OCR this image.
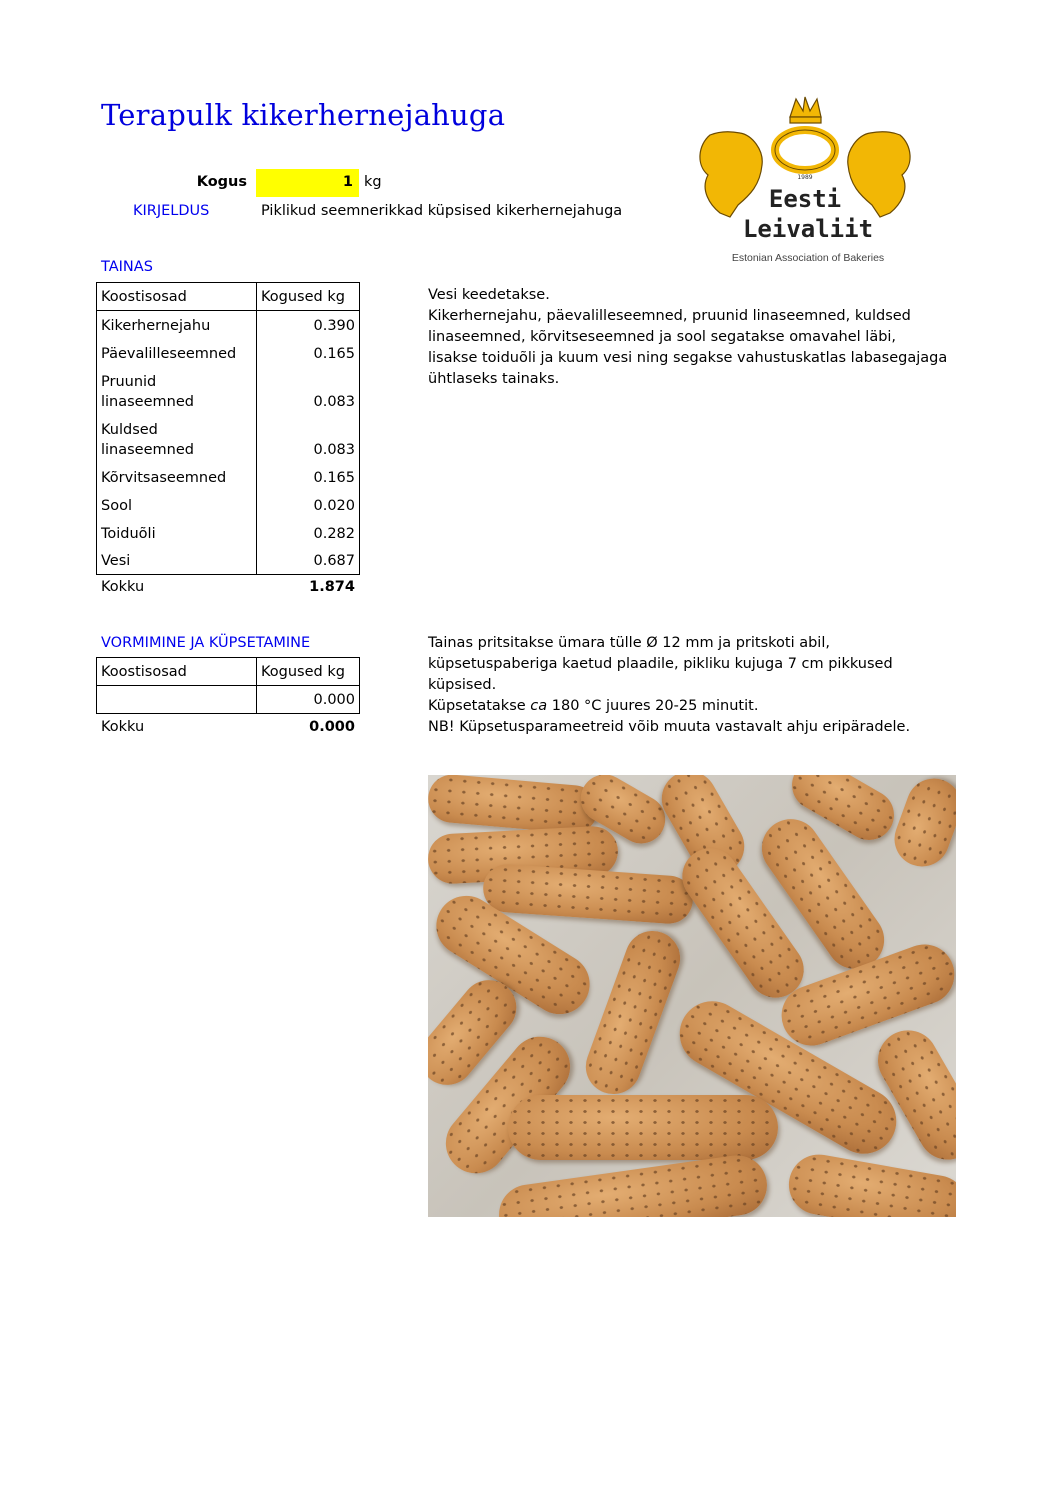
Terapulk kikerhernejahuga
Kogus	1 kg
KIRJELDUS	Piklikud seemnerikkad küpsised kikerhernejahuga
1989
Eesti
Leivaliit
Estonian Association of Bakeries
TAINAS
Koostisosad	Kogused kg
Kikerhernejahu	0.390
Päevalilleseemned	0.165
Pruunid linaseemned	0.083
Kuldsed linaseemned	0.083
Kõrvitsaseemned	0.165
Sool	0.020
Toiduõli	0.282
Vesi	0.687
Kokku	1.874
Vesi keedetakse.
Kikerhernejahu, päevalilleseemned, pruunid linaseemned, kuldsed linaseemned, kõrvitseseemned ja sool segatakse omavahel läbi, lisakse toiduõli ja kuum vesi ning segakse vahustuskatlas labasegajaga ühtlaseks tainaks.
VORMIMINE JA KÜPSETAMINE
Koostisosad	Kogused kg
	0.000
Kokku	0.000
Tainas pritsitakse ümara tülle Ø 12 mm ja pritskoti abil, küpsetuspaberiga kaetud plaadile, pikliku kujuga 7 cm pikkused küpsised.
Küpsetatakse ca 180 °C juures 20-25 minutit.
NB! Küpsetusparameetreid võib muuta vastavalt ahju eripäradele.
